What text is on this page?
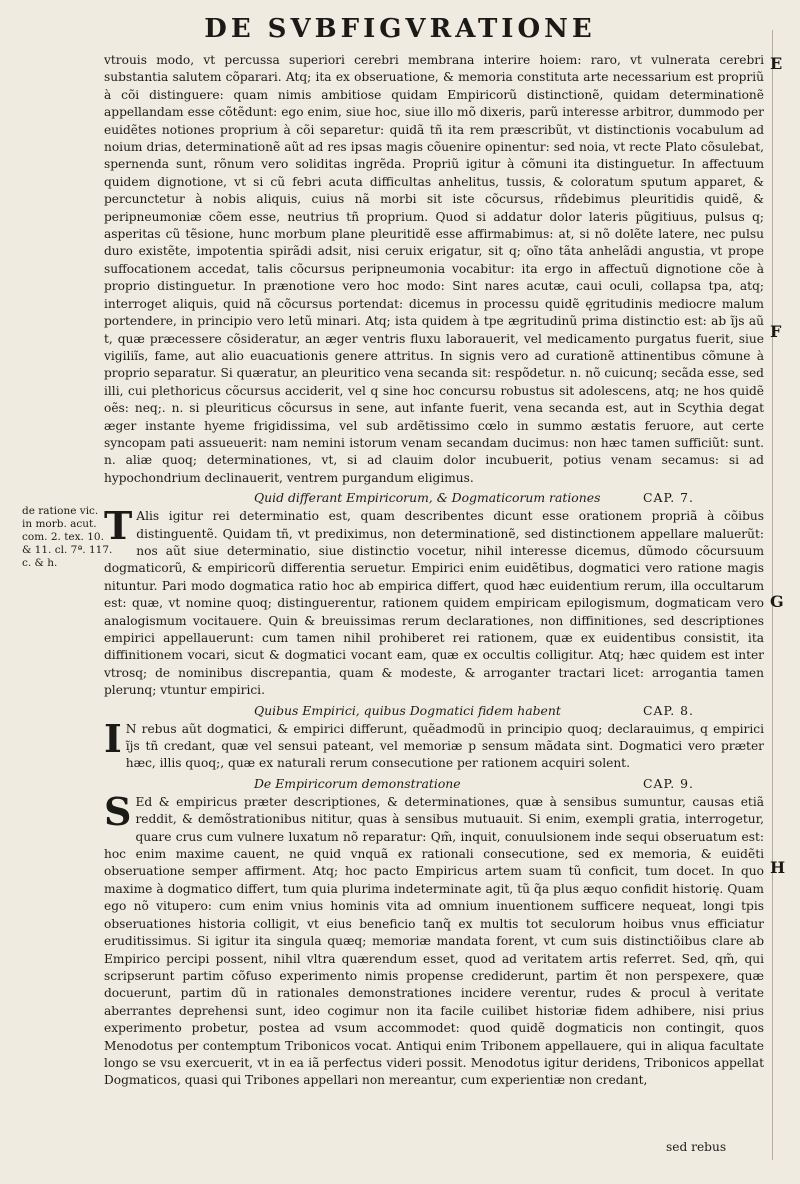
DE SVBFIGVRATIONE
E
F
G
H
de ratione vic.
in morb. acut.
com. 2. tex. 10.
& 11. cl. 7ª. 117.
c. & h.

vtrouis modo, vt percussa superiori cerebri membrana interire hoiem: raro, vt vulnerata cerebri substantia salutem cõparari. Atq; ita ex obseruatione, & memoria constituta arte necessarium est propriũ à cõi distinguere: quam nimis ambitiose quidam Empiricorũ distinctionẽ, quidam determinationẽ appellandam esse cõtẽdunt: ego enim, siue hoc, siue illo mõ dixeris, parũ interesse arbitror, dummodo per euidẽtes notiones proprium à cõi separetur: quidã tñ ita rem præscribũt, vt distinctionis vocabulum ad noium drias, determinationẽ aũt ad res ipsas magis cõuenire opinentur: sed noia, vt recte Plato cõsulebat, spernenda sunt, rõnum vero soliditas ingrẽda. Propriũ igitur à cõmuni ita distinguetur. In affectuum quidem dignotione, vt si cũ febri acuta difficultas anhelitus, tussis, & coloratum sputum apparet, & percunctetur à nobis aliquis, cuius nã morbi sit iste cõcursus, rñdebimus pleuritidis quidẽ, & peripneumoniæ cõem esse, neutrius tñ proprium. Quod si addatur dolor lateris pũgitiuus, pulsus q; asperitas cũ tẽsione, hunc morbum plane pleuritidẽ esse affirmabimus: at, si nõ dolẽte latere, nec pulsu duro existẽte, impotentia spirãdi adsit, nisi ceruix erigatur, sit q; oĩno tãta anhelãdi angustia, vt prope suffocationem accedat, talis cõcursus peripneumonia vocabitur: ita ergo in affectuũ dignotione cõe à proprio distinguetur. In prænotione vero hoc modo: Sint nares acutæ, caui oculi, collapsa tpa, atq; interroget aliquis, quid nã cõcursus portendat: dicemus in processu quidẽ ęgritudinis mediocre malum portendere, in principio vero letũ minari. Atq; ista quidem à tpe ægritudinũ prima distinctio est: ab ĩjs aũ t, quæ præcessere cõsideratur, an æger ventris fluxu laborauerit, vel medicamento purgatus fuerit, siue vigiliĩs, fame, aut alio euacuationis genere attritus. In signis vero ad curationẽ attinentibus cõmune à proprio separatur. Si quæratur, an pleuritico vena secanda sit: respõdetur. n. nõ cuicunq; secãda esse, sed illi, cui plethoricus cõcursus acciderit, vel q sine hoc concursu robustus sit adolescens, atq; ne hos quidẽ oẽs: neq;. n. si pleuriticus cõcursus in sene, aut infante fuerit, vena secanda est, aut in Scythia degat æger instante hyeme frigidissima, vel sub ardẽtissimo cœlo in summo æstatis feruore, aut certe syncopam pati assueuerit: nam nemini istorum venam secandam ducimus: non hæc tamen sufficiũt: sunt. n. aliæ quoq; determinationes, vt, si ad clauim dolor incubuerit, potius venam secamus: si ad hypochondrium declinauerit, ventrem purgandum eligimus.

Quid differant Empiricorum, & Dogmaticorum rationes	CAP. 7.

T Alis igitur rei determinatio est, quam describentes dicunt esse orationem propriã à cõibus distinguentẽ. Quidam tñ, vt prediximus, non determinationẽ, sed distinctionem appellare maluerũt: nos aũt siue determinatio, siue distinctio vocetur, nihil interesse dicemus, dũmodo cõcursuum dogmaticorũ, & empiricorũ differentia seruetur. Empirici enim euidẽtibus, dogmatici vero ratione magis nituntur. Pari modo dogmatica ratio hoc ab empirica differt, quod hæc euidentium rerum, illa occultarum est: quæ, vt nomine quoq; distinguerentur, rationem quidem empiricam epilogismum, dogmaticam vero analogismum vocitauere. Quin & breuissimas rerum declarationes, non diffinitiones, sed descriptiones empirici appellauerunt: cum tamen nihil prohiberet rei rationem, quæ ex euidentibus consistit, ita diffinitionem vocari, sicut & dogmatici vocant eam, quæ ex occultis colligitur. Atq; hæc quidem est inter vtrosq; de nominibus discrepantia, quam & modeste, & arroganter tractari licet: arrogantia tamen plerunq; vtuntur empirici.

Quibus Empirici, quibus Dogmatici fidem habent	CAP. 8.

I N rebus aũt dogmatici, & empirici differunt, quẽadmodũ in principio quoq; declarauimus, q empirici ĩjs tñ credant, quæ vel sensui pateant, vel memoriæ p sensum mãdata sint. Dogmatici vero præter hæc, illis quoq;, quæ ex naturali rerum consecutione per rationem acquiri solent.

De Empiricorum demonstratione	CAP. 9.

S Ed & empiricus præter descriptiones, & determinationes, quæ à sensibus sumuntur, causas etiã reddit, & demõstrationibus nititur, quas à sensibus mutuauit. Si enim, exempli gratia, interrogetur, quare crus cum vulnere luxatum nõ reparatur: Qm̃, inquit, conuulsionem inde sequi obseruatum est: hoc enim maxime cauent, ne quid vnquã ex rationali consecutione, sed ex memoria, & euidẽti obseruatione semper affirment. Atq; hoc pacto Empiricus artem suam tũ conficit, tum docet. In quo maxime à dogmatico differt, tum quia plurima indeterminate agit, tũ q̃a plus æquo confidit historię. Quam ego nõ vitupero: cum enim vnius hominis vita ad omnium inuentionem sufficere nequeat, longi tpis obseruationes historia colligit, vt eius beneficio tanq̃ ex multis tot seculorum hoibus vnus efficiatur eruditissimus. Si igitur ita singula quæq; memoriæ mandata forent, vt cum suis distinctiõibus clare ab Empirico percipi possent, nihil vltra quærendum esset, quod ad veritatem artis referret. Sed, qm̃, qui scripserunt partim cõfuso experimento nimis propense crediderunt, partim ẽt non perspexere, quæ docuerunt, partim dũ in rationales demonstrationes incidere verentur, rudes & procul à veritate aberrantes deprehensi sunt, ideo cogimur non ita facile cuilibet historiæ fidem adhibere, nisi prius experimento probetur, postea ad vsum accommodet: quod quidẽ dogmaticis non contingit, quos Menodotus per contemptum Tribonicos vocat. Antiqui enim Tribonem appellauere, qui in aliqua facultate longo se vsu exercuerit, vt in ea iã perfectus videri possit. Menodotus igitur deridens, Tribonicos appellat Dogmaticos, quasi qui Tribones appellari non mereantur, cum experientiæ non credant,

sed rebus
